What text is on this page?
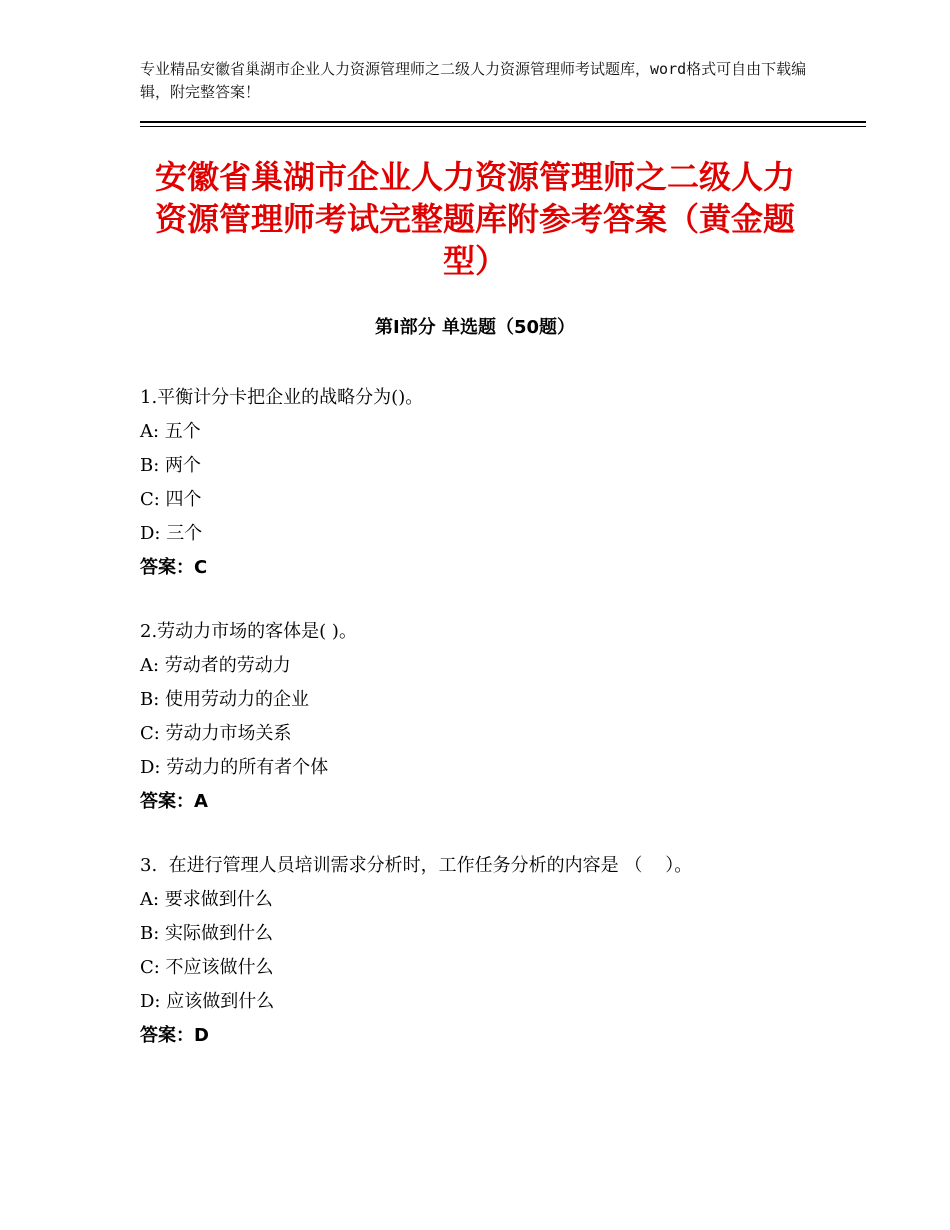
专业精品安徽省巢湖市企业人力资源管理师之二级人力资源管理师考试题库，word格式可自由下载编辑，附完整答案！
安徽省巢湖市企业人力资源管理师之二级人力资源管理师考试完整题库附参考答案（黄金题型）
第Ⅰ部分 单选题（50题）
1.平衡计分卡把企业的战略分为()。
A: 五个
B: 两个
C: 四个
D: 三个
答案：C
2.劳动力市场的客体是( )。
A: 劳动者的劳动力
B: 使用劳动力的企业
C: 劳动力市场关系
D: 劳动力的所有者个体
答案：A
3.  在进行管理人员培训需求分析时，工作任务分析的内容是 （    ）。
A: 要求做到什么
B: 实际做到什么
C: 不应该做什么
D: 应该做到什么
答案：D
